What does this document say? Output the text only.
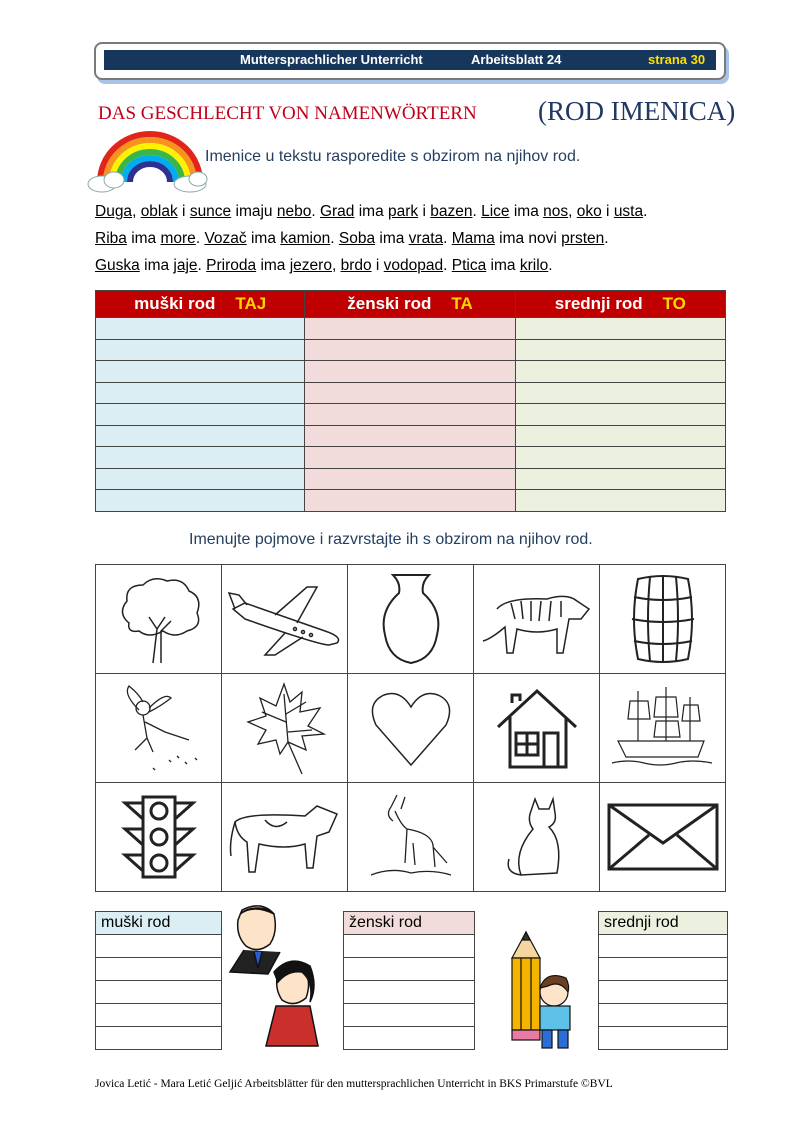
Muttersprachlicher Unterricht	Arbeitsblatt 24	strana 30
DAS GESCHLECHT VON NAMENWÖRTERN (ROD IMENICA)
Imenice u tekstu rasporedite s obzirom na njihov rod.
Duga, oblak i sunce imaju nebo. Grad ima park i bazen. Lice ima nos, oko i usta.
Riba ima more. Vozač ima kamion. Soba ima vrata. Mama ima novi prsten.
Guska ima jaje. Priroda ima jezero, brdo i vodopad. Ptica ima krilo.
muški rod TAJ	ženski rod TA	srednji rod TO

Imenujte pojmove i razvrstajte ih s obzirom na njihov rod.

muški rod	ženski rod	srednji rod

Jovica Letić - Mara Letić Geljić Arbeitsblätter für den muttersprachlichen Unterricht in BKS Primarstufe ©BVL
